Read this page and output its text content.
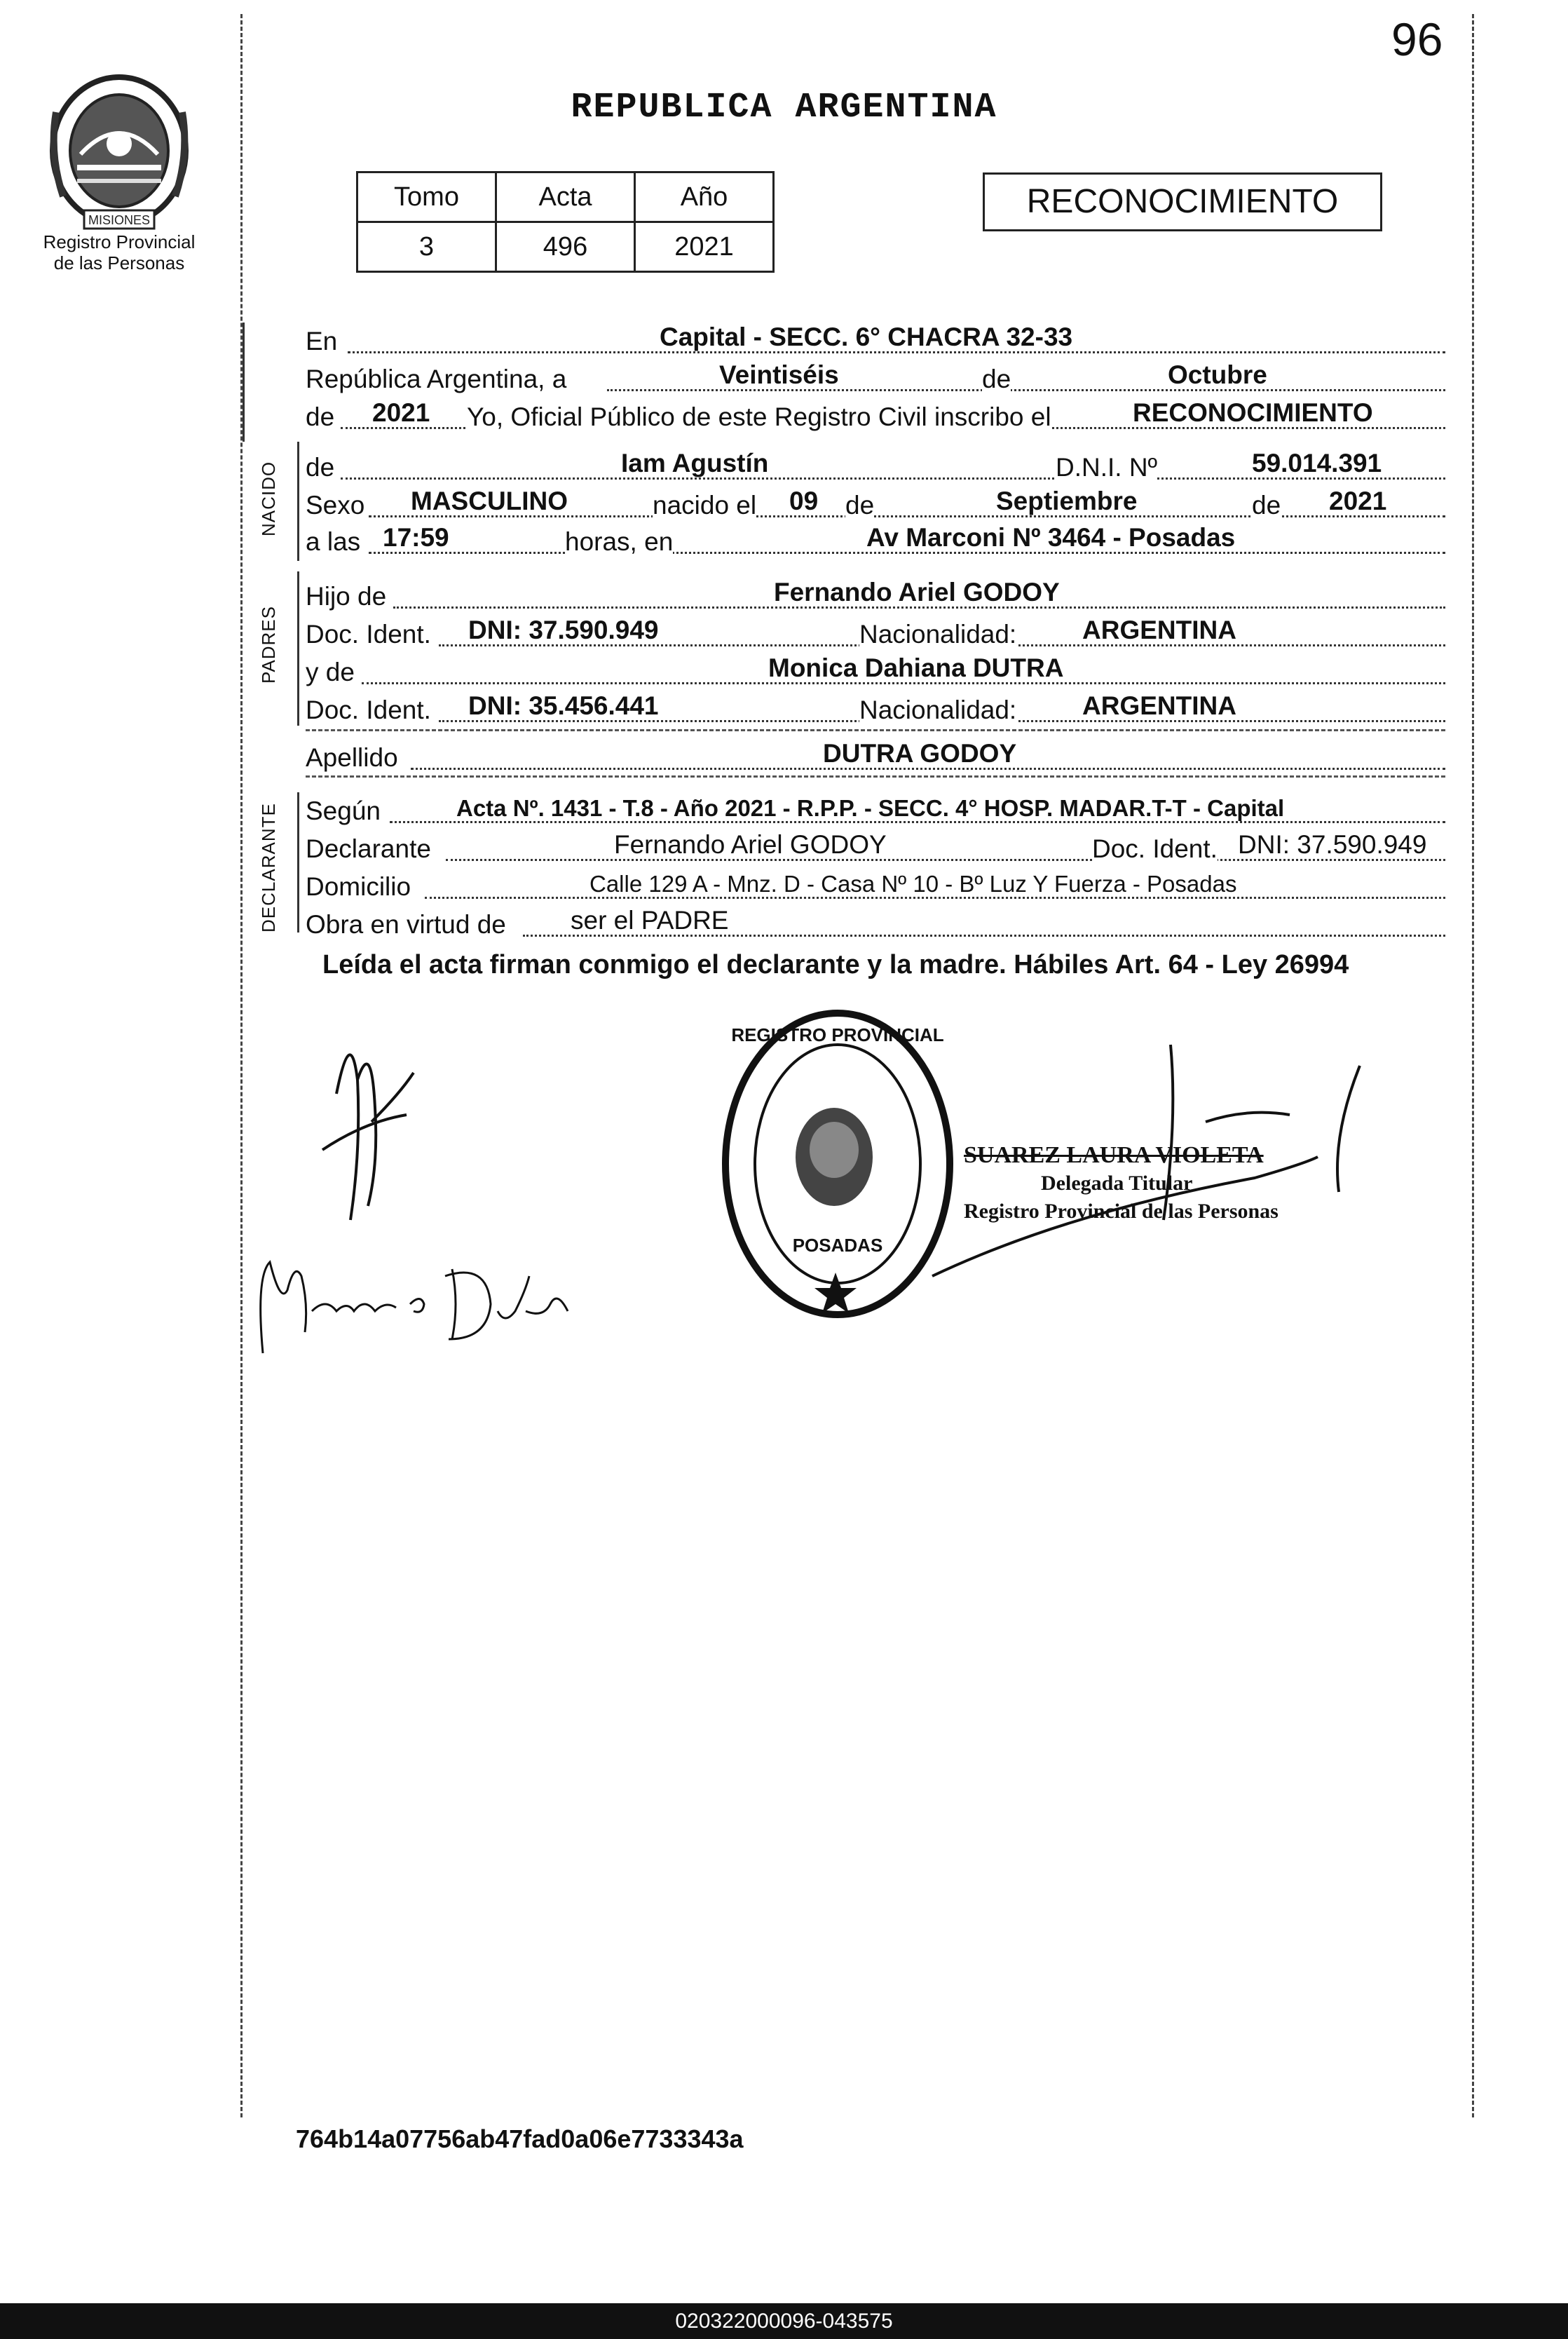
96
REPUBLICA ARGENTINA
MISIONES
Registro Provincial
de las Personas
Tomo	Acta	Año
3	496	2021
RECONOCIMIENTO
NACIDO
PADRES
DECLARANTE
En	Capital - SECC. 6° CHACRA 32-33
República Argentina, a	Veintiséis	de	Octubre
de 2021 Yo, Oficial Público de este Registro Civil inscribo el	RECONOCIMIENTO
de	Iam Agustín	D.N.I. Nº	59.014.391
Sexo MASCULINO	nacido el 09 de	Septiembre	de 2021
a las 17:59	horas, en	Av Marconi Nº 3464 - Posadas
Hijo de	Fernando Ariel GODOY
Doc. Ident. DNI: 37.590.949	Nacionalidad:	ARGENTINA
y de	Monica Dahiana DUTRA
Doc. Ident. DNI: 35.456.441	Nacionalidad:	ARGENTINA
Apellido	DUTRA GODOY
Según	Acta Nº. 1431 - T.8 - Año 2021 - R.P.P. - SECC. 4° HOSP. MADAR.T-T - Capital
Declarante	Fernando Ariel GODOY	Doc. Ident. DNI: 37.590.949
Domicilio	Calle 129 A - Mnz. D - Casa Nº 10 - Bº Luz Y Fuerza - Posadas
Obra en virtud de ser el PADRE
Leída el acta firman conmigo el declarante y la madre. Hábiles Art. 64 - Ley 26994
REGISTRO PROVINCIAL
POSADAS
SUAREZ LAURA VIOLETA
Delegada Titular
Registro Provincial de las Personas
764b14a07756ab47fad0a06e7733343a
020322000096-043575
